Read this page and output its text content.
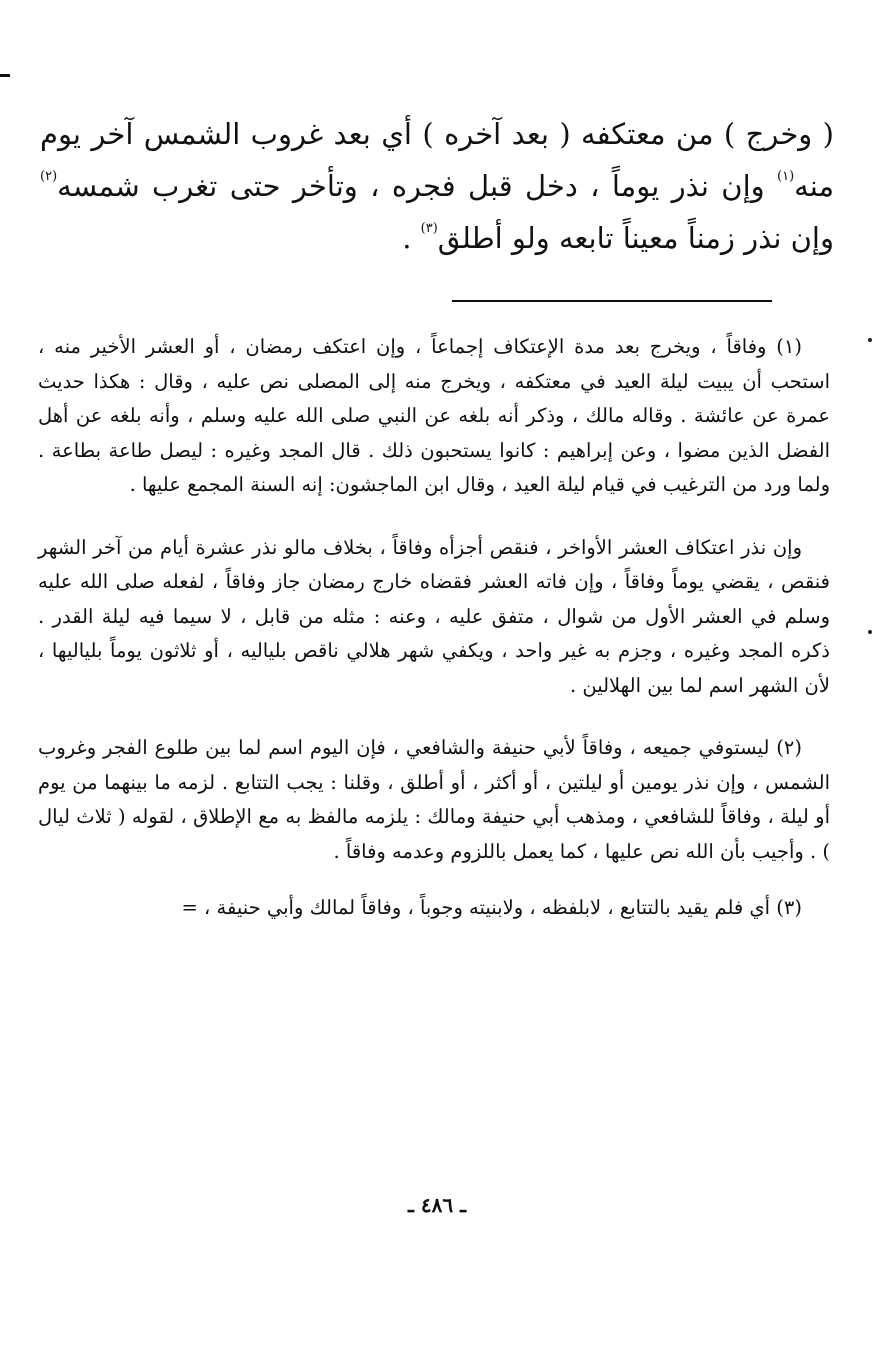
( وخرج ) من معتكفه ( بعد آخره ) أي بعد غروب الشمس آخر يوم منه$^{(١)}$ وإن نذر يوماً ، دخل قبل فجره ، وتأخر حتى تغرب شمسه$^{(٢)}$ وإن نذر زمناً معيناً تابعه ولو أطلق$^{(٣)}$ .

(١) وفاقاً ، ويخرج بعد مدة الإعتكاف إجماعاً ، وإن اعتكف رمضان ، أو العشر الأخير منه ، استحب أن يبيت ليلة العيد في معتكفه ، ويخرج منه إلى المصلى نص عليه ، وقال : هكذا حديث عمرة عن عائشة . وقاله مالك ، وذكر أنه بلغه عن النبي صلى الله عليه وسلم ، وأنه بلغه عن أهل الفضل الذين مضوا ، وعن إبراهيم : كانوا يستحبون ذلك . قال المجد وغيره : ليصل طاعة بطاعة . ولما ورد من الترغيب في قيام ليلة العيد ، وقال ابن الماجشون: إنه السنة المجمع عليها .

وإن نذر اعتكاف العشر الأواخر ، فنقص أجزأه وفاقاً ، بخلاف مالو نذر عشرة أيام من آخر الشهر فنقص ، يقضي يوماً وفاقاً ، وإن فاته العشر فقضاه خارج رمضان جاز وفاقاً ، لفعله صلى الله عليه وسلم في العشر الأول من شوال ، متفق عليه ، وعنه : مثله من قابل ، لا سيما فيه ليلة القدر . ذكره المجد وغيره ، وجزم به غير واحد ، ويكفي شهر هلالي ناقص بلياليه ، أو ثلاثون يوماً بلياليها ، لأن الشهر اسم لما بين الهلالين .

(٢) ليستوفي جميعه ، وفاقاً لأبي حنيفة والشافعي ، فإن اليوم اسم لما بين طلوع الفجر وغروب الشمس ، وإن نذر يومين أو ليلتين ، أو أكثر ، أو أطلق ، وقلنا : يجب التتابع . لزمه ما بينهما من يوم أو ليلة ، وفاقاً للشافعي ، ومذهب أبي حنيفة ومالك : يلزمه مالفظ به مع الإطلاق ، لقوله ( ثلاث ليال ) . وأجيب بأن الله نص عليها ، كما يعمل باللزوم وعدمه وفاقاً .

(٣) أي فلم يقيد بالتتابع ، لابلفظه ، ولابنيته وجوباً ، وفاقاً لمالك وأبي حنيفة ، =

ـ ٤٨٦ ـ
